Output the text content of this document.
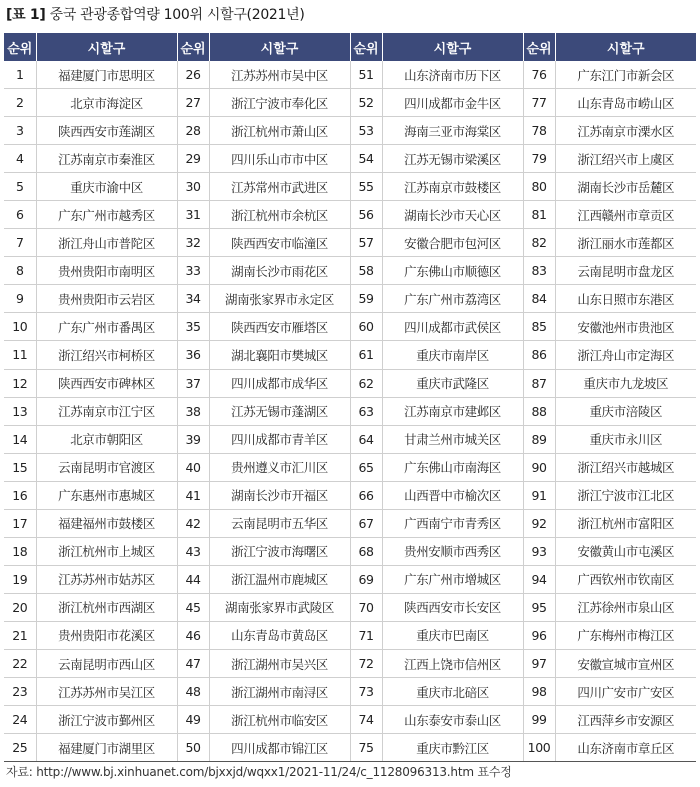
[표 1] 중국 관광종합역량 100위 시할구(2021년)
순위	시할구	순위	시할구	순위	시할구	순위	시할구
1	福建厦门市思明区	26	江苏苏州市吴中区	51	山东济南市历下区	76	广东江门市新会区
2	北京市海淀区	27	浙江宁波市奉化区	52	四川成都市金牛区	77	山东青岛市崂山区
3	陕西西安市莲湖区	28	浙江杭州市萧山区	53	海南三亚市海棠区	78	江苏南京市溧水区
4	江苏南京市秦淮区	29	四川乐山市市中区	54	江苏无锡市梁溪区	79	浙江绍兴市上虞区
5	重庆市渝中区	30	江苏常州市武进区	55	江苏南京市鼓楼区	80	湖南长沙市岳麓区
6	广东广州市越秀区	31	浙江杭州市余杭区	56	湖南长沙市天心区	81	江西赣州市章贡区
7	浙江舟山市普陀区	32	陕西西安市临潼区	57	安徽合肥市包河区	82	浙江丽水市莲都区
8	贵州贵阳市南明区	33	湖南长沙市雨花区	58	广东佛山市顺德区	83	云南昆明市盘龙区
9	贵州贵阳市云岩区	34	湖南张家界市永定区	59	广东广州市荔湾区	84	山东日照市东港区
10	广东广州市番禺区	35	陕西西安市雁塔区	60	四川成都市武侯区	85	安徽池州市贵池区
11	浙江绍兴市柯桥区	36	湖北襄阳市樊城区	61	重庆市南岸区	86	浙江舟山市定海区
12	陕西西安市碑林区	37	四川成都市成华区	62	重庆市武隆区	87	重庆市九龙坡区
13	江苏南京市江宁区	38	江苏无锡市蓬湖区	63	江苏南京市建邺区	88	重庆市涪陵区
14	北京市朝阳区	39	四川成都市青羊区	64	甘肃兰州市城关区	89	重庆市永川区
15	云南昆明市官渡区	40	贵州遵义市汇川区	65	广东佛山市南海区	90	浙江绍兴市越城区
16	广东惠州市惠城区	41	湖南长沙市开福区	66	山西晋中市榆次区	91	浙江宁波市江北区
17	福建福州市鼓楼区	42	云南昆明市五华区	67	广西南宁市青秀区	92	浙江杭州市富阳区
18	浙江杭州市上城区	43	浙江宁波市海曙区	68	贵州安顺市西秀区	93	安徽黄山市屯溪区
19	江苏苏州市姑苏区	44	浙江温州市鹿城区	69	广东广州市增城区	94	广西钦州市钦南区
20	浙江杭州市西湖区	45	湖南张家界市武陵区	70	陕西西安市长安区	95	江苏徐州市泉山区
21	贵州贵阳市花溪区	46	山东青岛市黄岛区	71	重庆市巴南区	96	广东梅州市梅江区
22	云南昆明市西山区	47	浙江湖州市吴兴区	72	江西上饶市信州区	97	安徽宣城市宣州区
23	江苏苏州市吴江区	48	浙江湖州市南浔区	73	重庆市北碚区	98	四川广安市广安区
24	浙江宁波市鄞州区	49	浙江杭州市临安区	74	山东泰安市泰山区	99	江西萍乡市安源区
25	福建厦门市湖里区	50	四川成都市锦江区	75	重庆市黔江区	100	山东济南市章丘区
자료: http://www.bj.xinhuanet.com/bjxxjd/wqxx1/2021-11/24/c_1128096313.htm 표수정
